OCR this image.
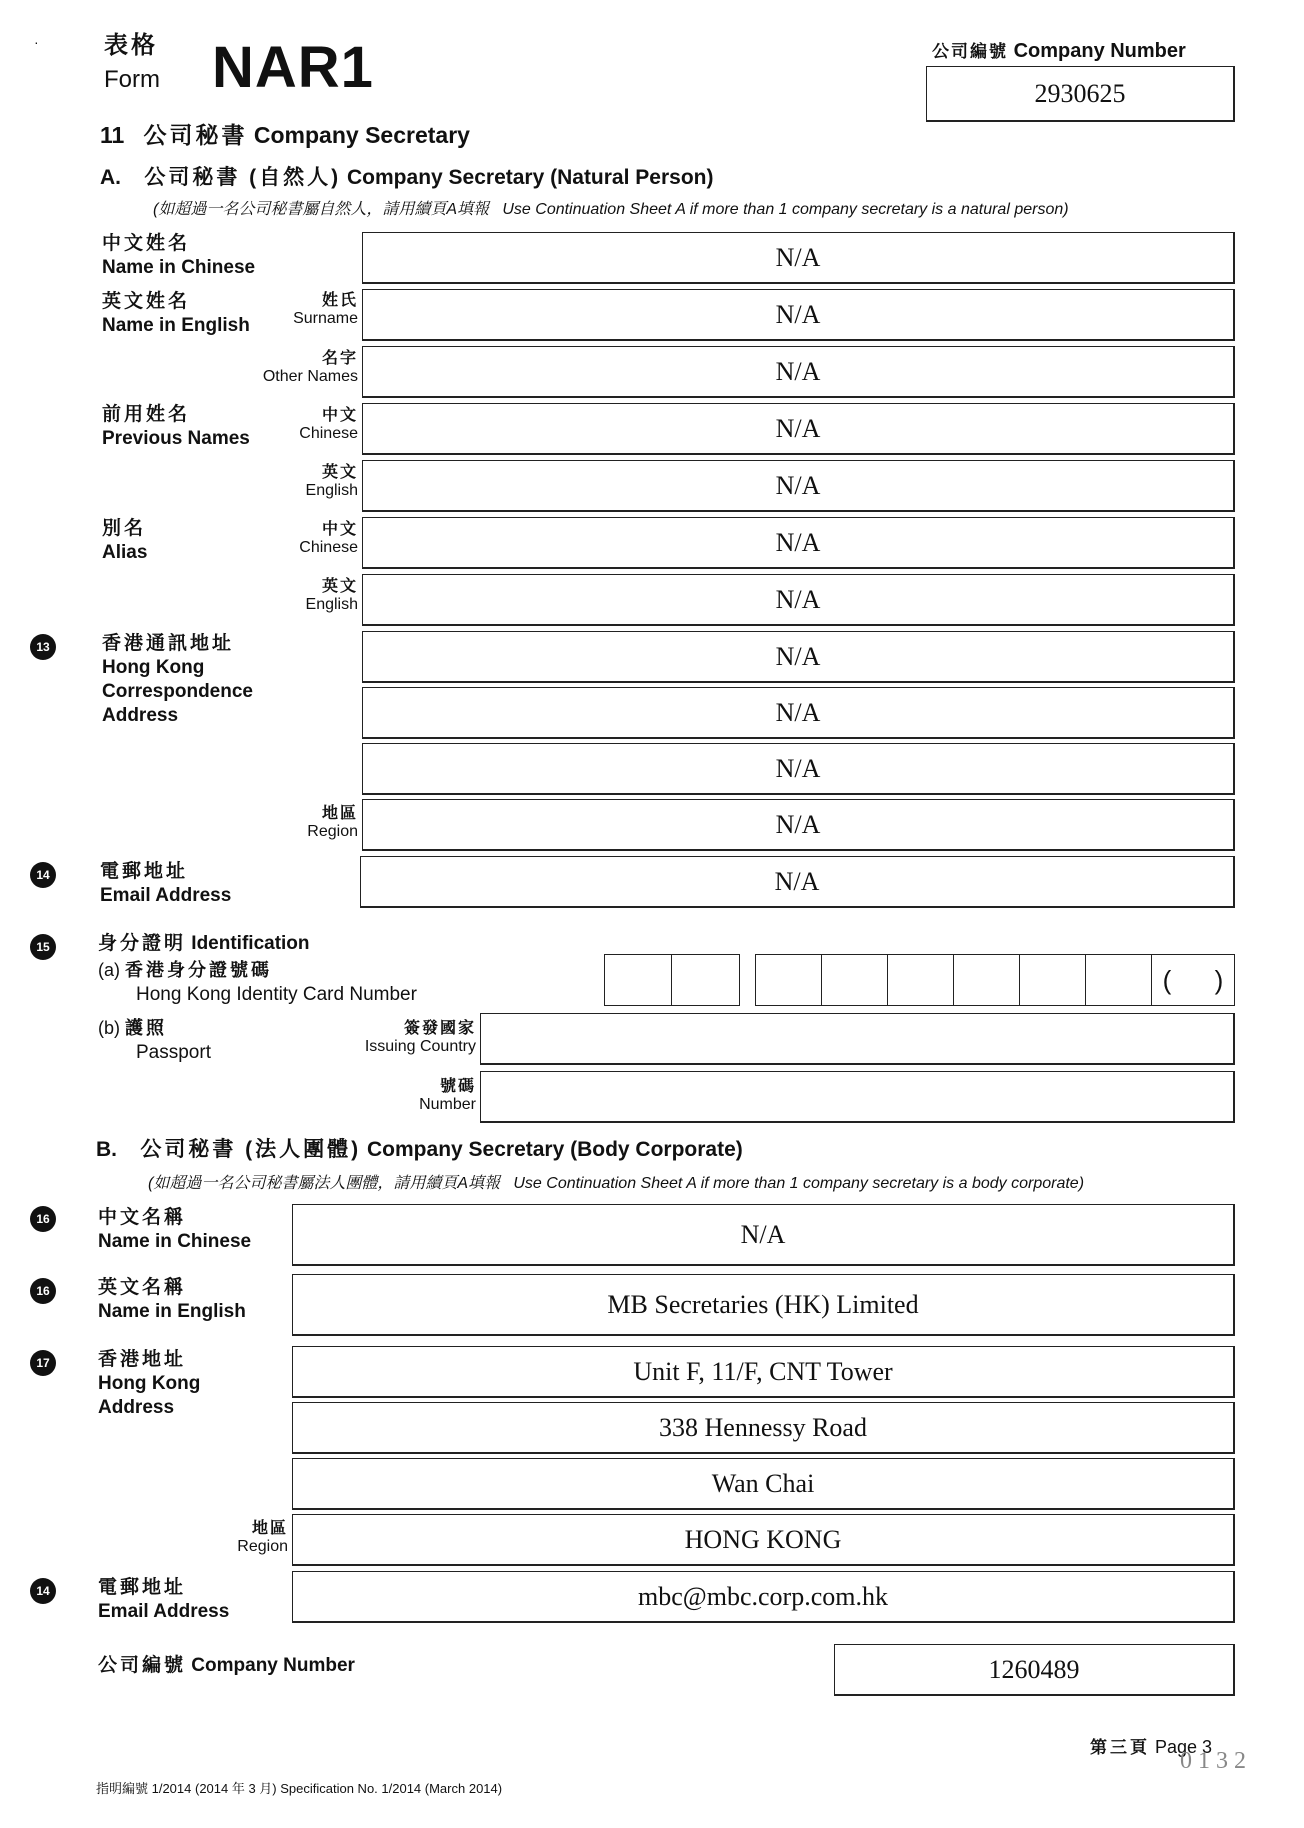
·	表格
Form NAR1	公司編號 Company Number
2930625
11 公司秘書 Company Secretary
A. 公司秘書 (自然人) Company Secretary (Natural Person)
(如超過一名公司秘書屬自然人，請用續頁A填報 Use Continuation Sheet A if more than 1 company secretary is a natural person)
中文姓名
Name in Chinese	N/A
英文姓名
Name in English
姓氏
Surname	N/A
名字
Other Names	N/A
前用姓名
Previous Names
中文
Chinese	N/A
英文
English	N/A
別名
Alias
中文
Chinese	N/A
英文
English	N/A
13	香港通訊地址
Hong Kong
Correspondence
Address
N/A
N/A
N/A
地區
Region	N/A
14	電郵地址
Email Address	N/A
15	身分證明 Identification
(a) 香港身分證號碼
Hong Kong Identity Card Number	(      )
(b) 護照
Passport
簽發國家
Issuing Country
號碼
Number
B. 公司秘書 (法人團體) Company Secretary (Body Corporate)
(如超過一名公司秘書屬法人團體，請用續頁A填報 Use Continuation Sheet A if more than 1 company secretary is a body corporate)
16	中文名稱
Name in Chinese	N/A
16	英文名稱
Name in English	MB Secretaries (HK) Limited
17	香港地址
Hong Kong
Address
Unit F, 11/F, CNT Tower
338 Hennessy Road
Wan Chai
地區
Region	HONG KONG
14	電郵地址
Email Address
mbc@mbc.corp.com.hk
公司編號 Company Number	1260489
第三頁 Page 3
0132
指明編號 1/2014 (2014 年 3 月) Specification No. 1/2014 (March 2014)
